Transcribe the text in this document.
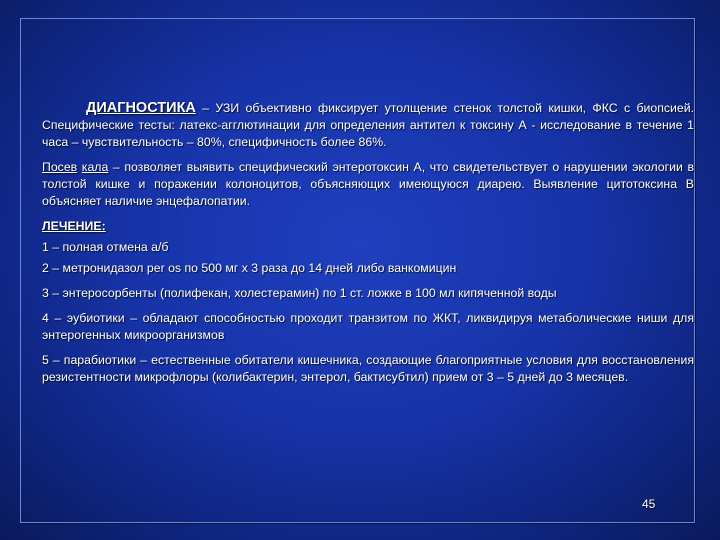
ДИАГНОСТИКА – УЗИ объективно фиксирует утолщение стенок толстой кишки, ФКС с биопсией. Специфические тесты: латекс-агглютинации для определения антител к токсину А - исследование в течение 1 часа – чувствительность – 80%, специфичность более 86%.

Посев кала – позволяет выявить специфический энтеротоксин А, что свидетельствует о нарушении экологии в толстой кишке и поражении колоноцитов, объясняющих имеющуюся диарею. Выявление цитотоксина В объясняет наличие энцефалопатии.

ЛЕЧЕНИЕ:

1 – полная отмена а/б

2 – метронидазол per os по 500 мг х 3 раза до 14 дней либо ванкомицин

3 – энтеросорбенты (полифекан, холестерамин) по 1 ст. ложке в 100 мл кипяченной воды

4 – эубиотики – обладают способностью проходит транзитом по ЖКТ, ликвидируя метаболические ниши для энтерогенных микроорганизмов

5 – парабиотики – естественные обитатели кишечника, создающие благоприятные условия для восстановления резистентности микрофлоры (колибактерин, энтерол, бактисубтил) прием от 3 – 5 дней до 3 месяцев.

45
